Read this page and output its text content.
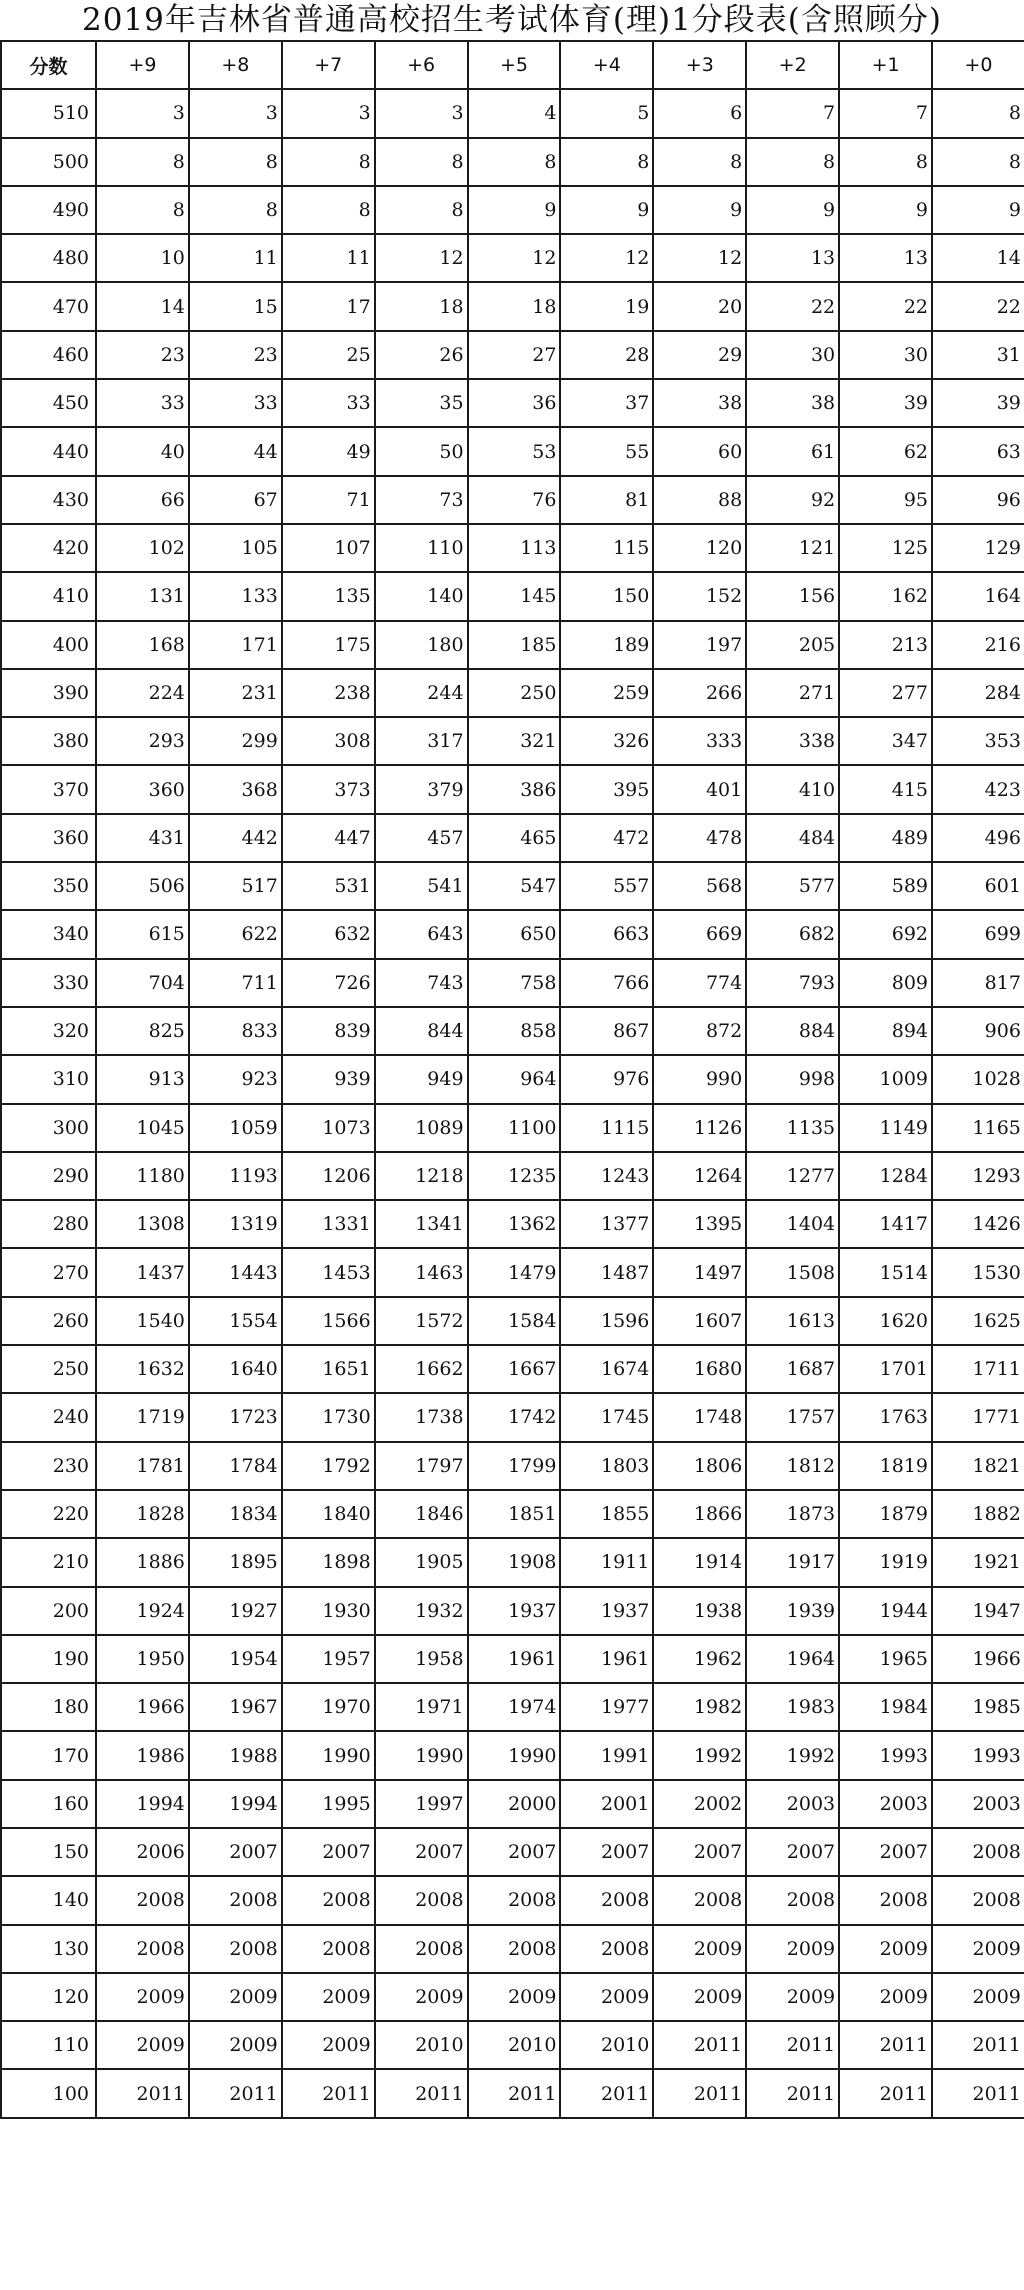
2019年吉林省普通高校招生考试体育(理)1分段表(含照顾分)
分数	+9	+8	+7	+6	+5	+4	+3	+2	+1	+0
510	3	3	3	3	4	5	6	7	7	8
500	8	8	8	8	8	8	8	8	8	8
490	8	8	8	8	9	9	9	9	9	9
480	10	11	11	12	12	12	12	13	13	14
470	14	15	17	18	18	19	20	22	22	22
460	23	23	25	26	27	28	29	30	30	31
450	33	33	33	35	36	37	38	38	39	39
440	40	44	49	50	53	55	60	61	62	63
430	66	67	71	73	76	81	88	92	95	96
420	102	105	107	110	113	115	120	121	125	129
410	131	133	135	140	145	150	152	156	162	164
400	168	171	175	180	185	189	197	205	213	216
390	224	231	238	244	250	259	266	271	277	284
380	293	299	308	317	321	326	333	338	347	353
370	360	368	373	379	386	395	401	410	415	423
360	431	442	447	457	465	472	478	484	489	496
350	506	517	531	541	547	557	568	577	589	601
340	615	622	632	643	650	663	669	682	692	699
330	704	711	726	743	758	766	774	793	809	817
320	825	833	839	844	858	867	872	884	894	906
310	913	923	939	949	964	976	990	998	1009	1028
300	1045	1059	1073	1089	1100	1115	1126	1135	1149	1165
290	1180	1193	1206	1218	1235	1243	1264	1277	1284	1293
280	1308	1319	1331	1341	1362	1377	1395	1404	1417	1426
270	1437	1443	1453	1463	1479	1487	1497	1508	1514	1530
260	1540	1554	1566	1572	1584	1596	1607	1613	1620	1625
250	1632	1640	1651	1662	1667	1674	1680	1687	1701	1711
240	1719	1723	1730	1738	1742	1745	1748	1757	1763	1771
230	1781	1784	1792	1797	1799	1803	1806	1812	1819	1821
220	1828	1834	1840	1846	1851	1855	1866	1873	1879	1882
210	1886	1895	1898	1905	1908	1911	1914	1917	1919	1921
200	1924	1927	1930	1932	1937	1937	1938	1939	1944	1947
190	1950	1954	1957	1958	1961	1961	1962	1964	1965	1966
180	1966	1967	1970	1971	1974	1977	1982	1983	1984	1985
170	1986	1988	1990	1990	1990	1991	1992	1992	1993	1993
160	1994	1994	1995	1997	2000	2001	2002	2003	2003	2003
150	2006	2007	2007	2007	2007	2007	2007	2007	2007	2008
140	2008	2008	2008	2008	2008	2008	2008	2008	2008	2008
130	2008	2008	2008	2008	2008	2008	2009	2009	2009	2009
120	2009	2009	2009	2009	2009	2009	2009	2009	2009	2009
110	2009	2009	2009	2010	2010	2010	2011	2011	2011	2011
100	2011	2011	2011	2011	2011	2011	2011	2011	2011	2011
